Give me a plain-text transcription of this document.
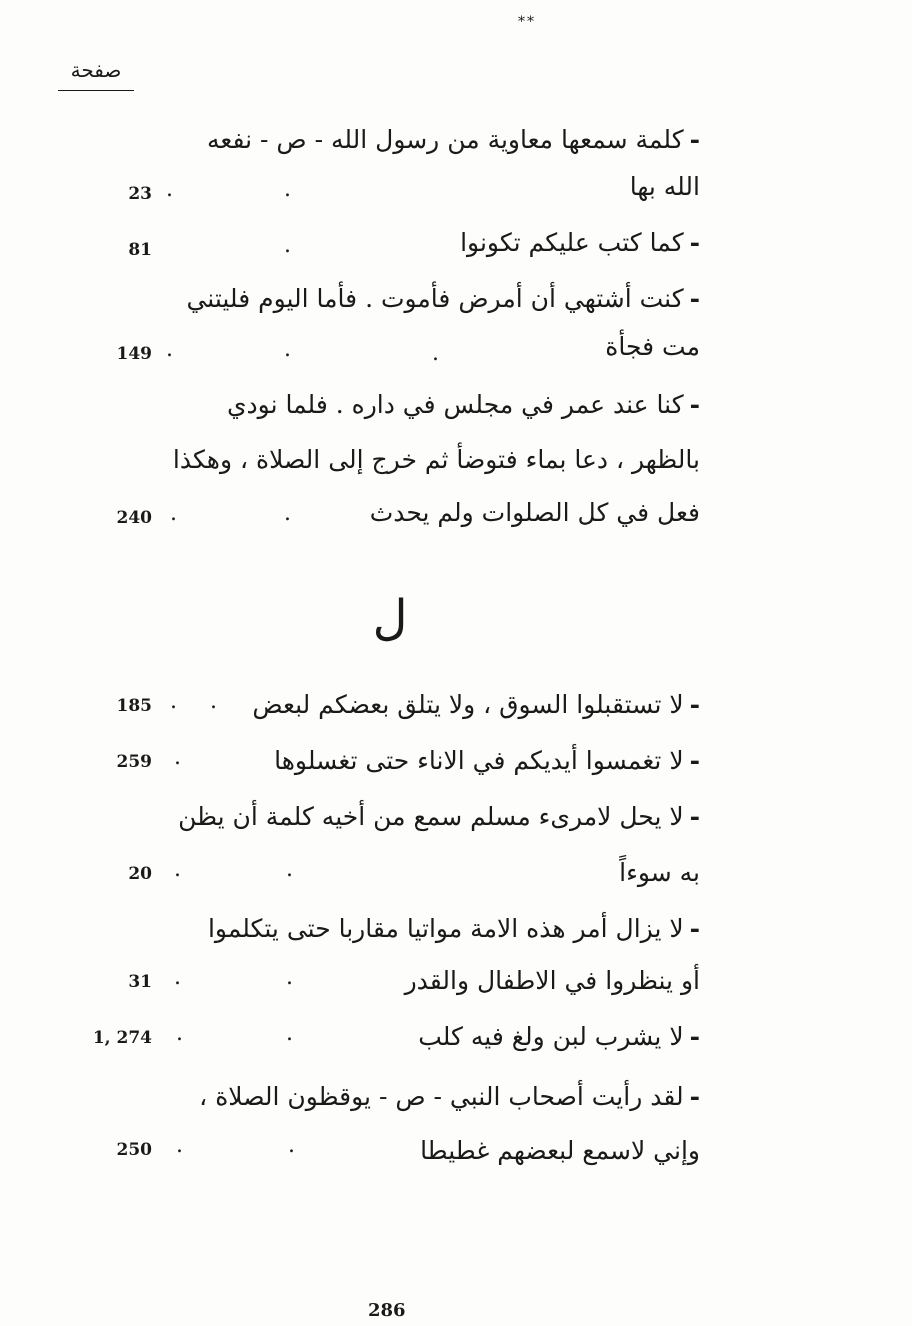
**
صفحة
-كلمة سمعها معاوية من رسول الله - ص - نفعه
الله بها
23 .	.
-كما كتب عليكم تكونوا
81	.
-كنت أشتهي أن أمرض فأموت . فأما اليوم فليتني
مت فجأة
149 .	.	.
-كنا عند عمر في مجلس في داره . فلما نودي
بالظهر ، دعا بماء فتوضأ ثم خرج إلى الصلاة ، وهكذا
فعل في كل الصلوات ولم يحدث
240 .	.
ل
-لا تستقبلوا السوق ، ولا يتلق بعضكم لبعض
185 . .
-لا تغمسوا أيديكم في الاناء حتى تغسلوها
259 .
-لا يحل لامرىء مسلم سمع من أخيه كلمة أن يظن
به سوءاً
20 .	.
-لا يزال أمر هذه الامة مواتيا مقاربا حتى يتكلموا
أو ينظروا في الاطفال والقدر
31 .	.
-لا يشرب لبن ولغ فيه كلب
1, 274 .	.
-لقد رأيت أصحاب النبي - ص - يوقظون الصلاة ،
وإني لاسمع لبعضهم غطيطا
250 .	.
286
